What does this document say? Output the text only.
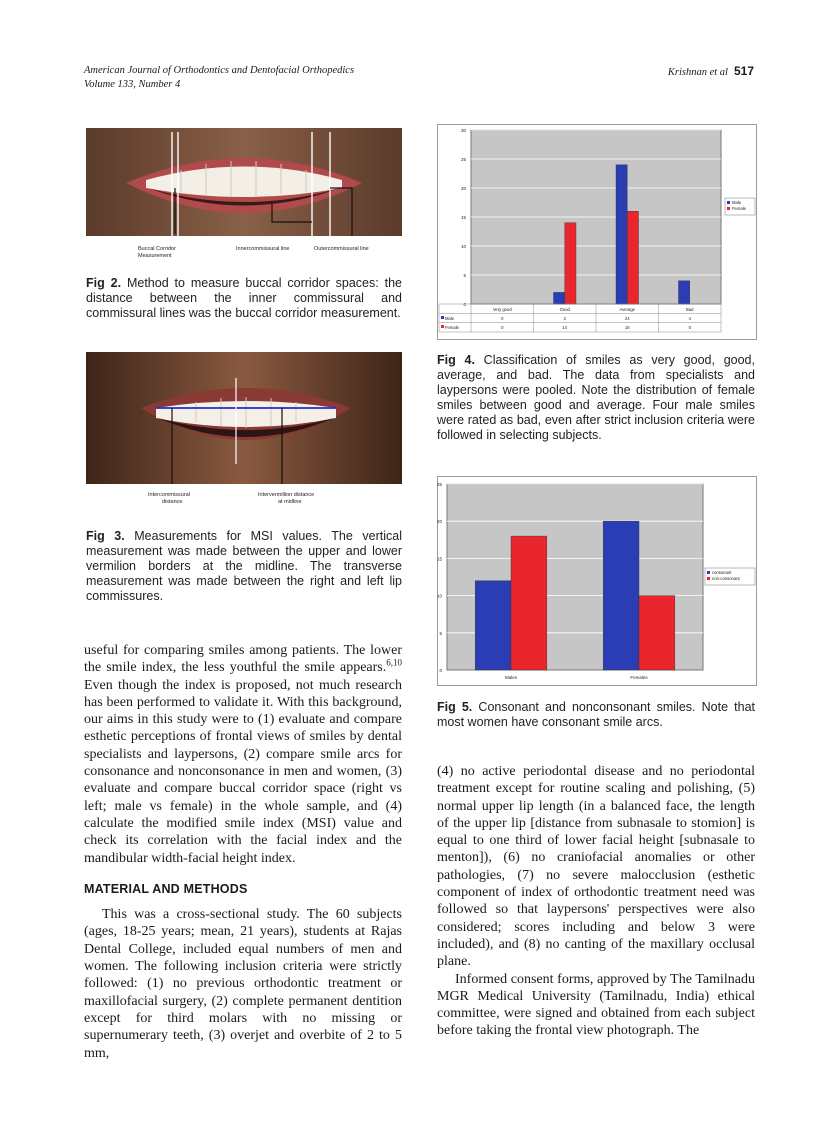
American Journal of Orthodontics and Dentofacial Orthopedics
Volume 133, Number 4
Krishnan et al 517
Buccal Corridor
Measurement
Innercommissural line	Outercommissural line
Fig 2. Method to measure buccal corridor spaces: the distance between the inner commissural and commissural lines was the buccal corridor measurement.
Intercommissural
distance
Intervermillion distance
at midline
Fig 3. Measurements for MSI values. The vertical measurement was made between the upper and lower vermilion borders at the midline. The transverse measurement was made between the right and left lip commissures.
0
5
10
15
20
25
30
Very good
0
0
Good
2
14
Average
24
16
Bad
4
0
Male
Female
Male
Female
Fig 4. Classification of smiles as very good, good, average, and bad. The data from specialists and laypersons were pooled. Note the distribution of female smiles between good and average. Four male smiles were rated as bad, even after strict inclusion criteria were followed in selecting subjects.
0
5
10
15
20
25
Males	Females
consonant
non-consonant
Fig 5. Consonant and nonconsonant smiles. Note that most women have consonant smile arcs.

useful for comparing smiles among patients. The lower the smile index, the less youthful the smile appears.$^{6,10}$ Even though the index is proposed, not much research has been performed to validate it. With this background, our aims in this study were to (1) evaluate and compare esthetic perceptions of frontal views of smiles by dental specialists and laypersons, (2) compare smile arcs for consonance and nonconsonance in men and women, (3) evaluate and compare buccal corridor space (right vs left; male vs female) in the whole sample, and (4) calculate the modified smile index (MSI) value and check its correlation with the facial index and the mandibular width-facial height index.

MATERIAL AND METHODS

This was a cross-sectional study. The 60 subjects (ages, 18-25 years; mean, 21 years), students at Rajas Dental College, included equal numbers of men and women. The following inclusion criteria were strictly followed: (1) no previous orthodontic treatment or maxillofacial surgery, (2) complete permanent dentition except for third molars with no missing or supernumerary teeth, (3) overjet and overbite of 2 to 5 mm,

(4) no active periodontal disease and no periodontal treatment except for routine scaling and polishing, (5) normal upper lip length (in a balanced face, the length of the upper lip [distance from subnasale to stomion] is equal to one third of lower facial height [subnasale to menton]), (6) no craniofacial anomalies or other pathologies, (7) no severe malocclusion (esthetic component of index of orthodontic treatment need was followed so that laypersons' perspectives were also considered; scores including and below 3 were included), and (8) no canting of the maxillary occlusal plane.

Informed consent forms, approved by The Tamilnadu MGR Medical University (Tamilnadu, India) ethical committee, were signed and obtained from each subject before taking the frontal view photograph. The
